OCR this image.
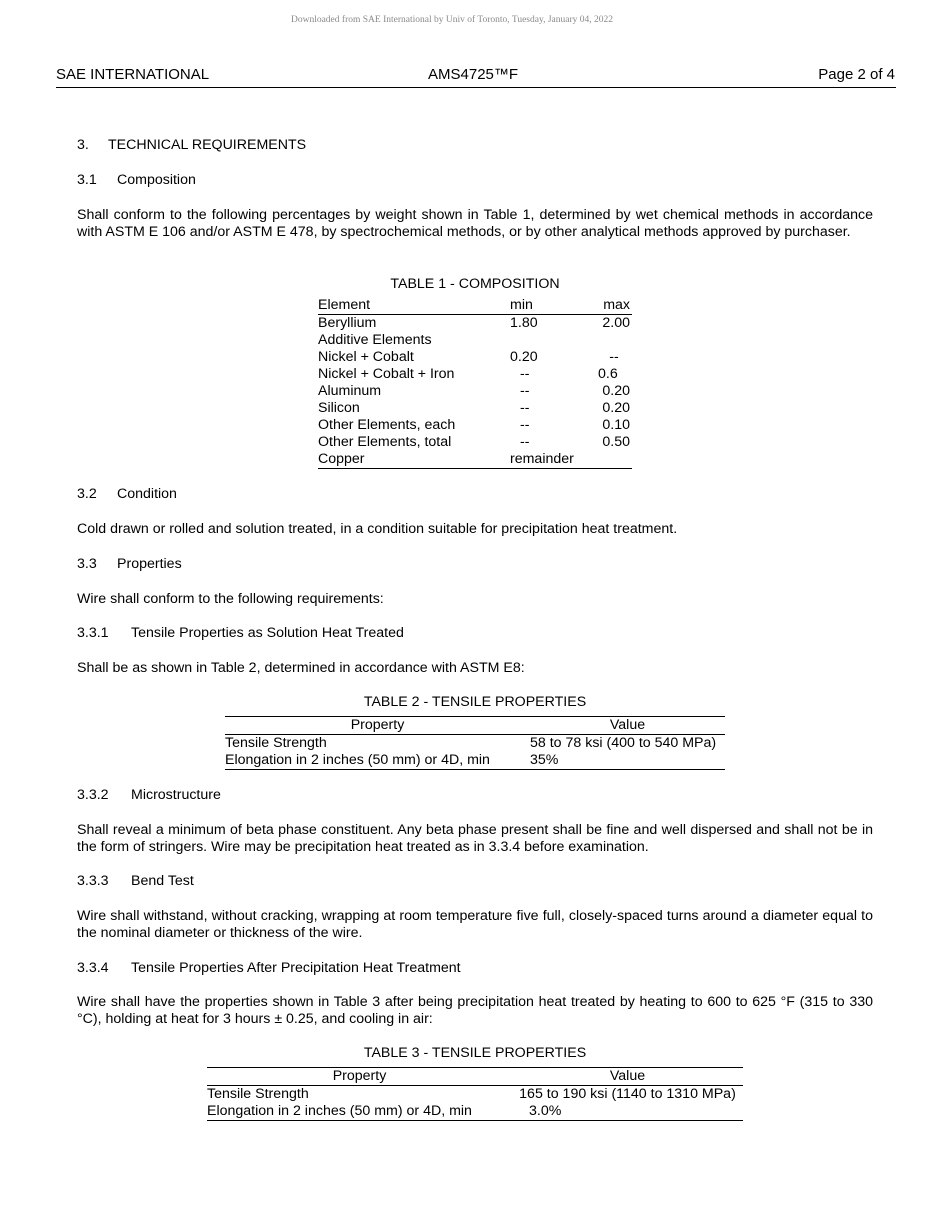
Downloaded from SAE International by Univ of Toronto, Tuesday, January 04, 2022
SAE INTERNATIONAL	AMS4725™F	Page 2 of 4
3. TECHNICAL REQUIREMENTS
3.1 Composition
Shall conform to the following percentages by weight shown in Table 1, determined by wet chemical methods in accordance with ASTM E 106 and/or ASTM E 478, by spectrochemical methods, or by other analytical methods approved by purchaser.
TABLE 1 - COMPOSITION
Element	min	max
Beryllium	1.80	2.00
Additive Elements		
Nickel + Cobalt	0.20	--
Nickel + Cobalt + Iron	--	0.6
Aluminum	--	0.20
Silicon	--	0.20
Other Elements, each	--	0.10
Other Elements, total	--	0.50
Copper	remainder	
3.2 Condition
Cold drawn or rolled and solution treated, in a condition suitable for precipitation heat treatment.
3.3 Properties
Wire shall conform to the following requirements:
3.3.1 Tensile Properties as Solution Heat Treated
Shall be as shown in Table 2, determined in accordance with ASTM E8:
TABLE 2 - TENSILE PROPERTIES
Property	Value
Tensile Strength	58 to 78 ksi (400 to 540 MPa)
Elongation in 2 inches (50 mm) or 4D, min	35%
3.3.2 Microstructure
Shall reveal a minimum of beta phase constituent. Any beta phase present shall be fine and well dispersed and shall not be in the form of stringers. Wire may be precipitation heat treated as in 3.3.4 before examination.
3.3.3 Bend Test
Wire shall withstand, without cracking, wrapping at room temperature five full, closely-spaced turns around a diameter equal to the nominal diameter or thickness of the wire.
3.3.4 Tensile Properties After Precipitation Heat Treatment
Wire shall have the properties shown in Table 3 after being precipitation heat treated by heating to 600 to 625 °F (315 to 330 °C), holding at heat for 3 hours ± 0.25, and cooling in air:
TABLE 3 - TENSILE PROPERTIES
Property	Value
Tensile Strength	165 to 190 ksi (1140 to 1310 MPa)
Elongation in 2 inches (50 mm) or 4D, min	3.0%
